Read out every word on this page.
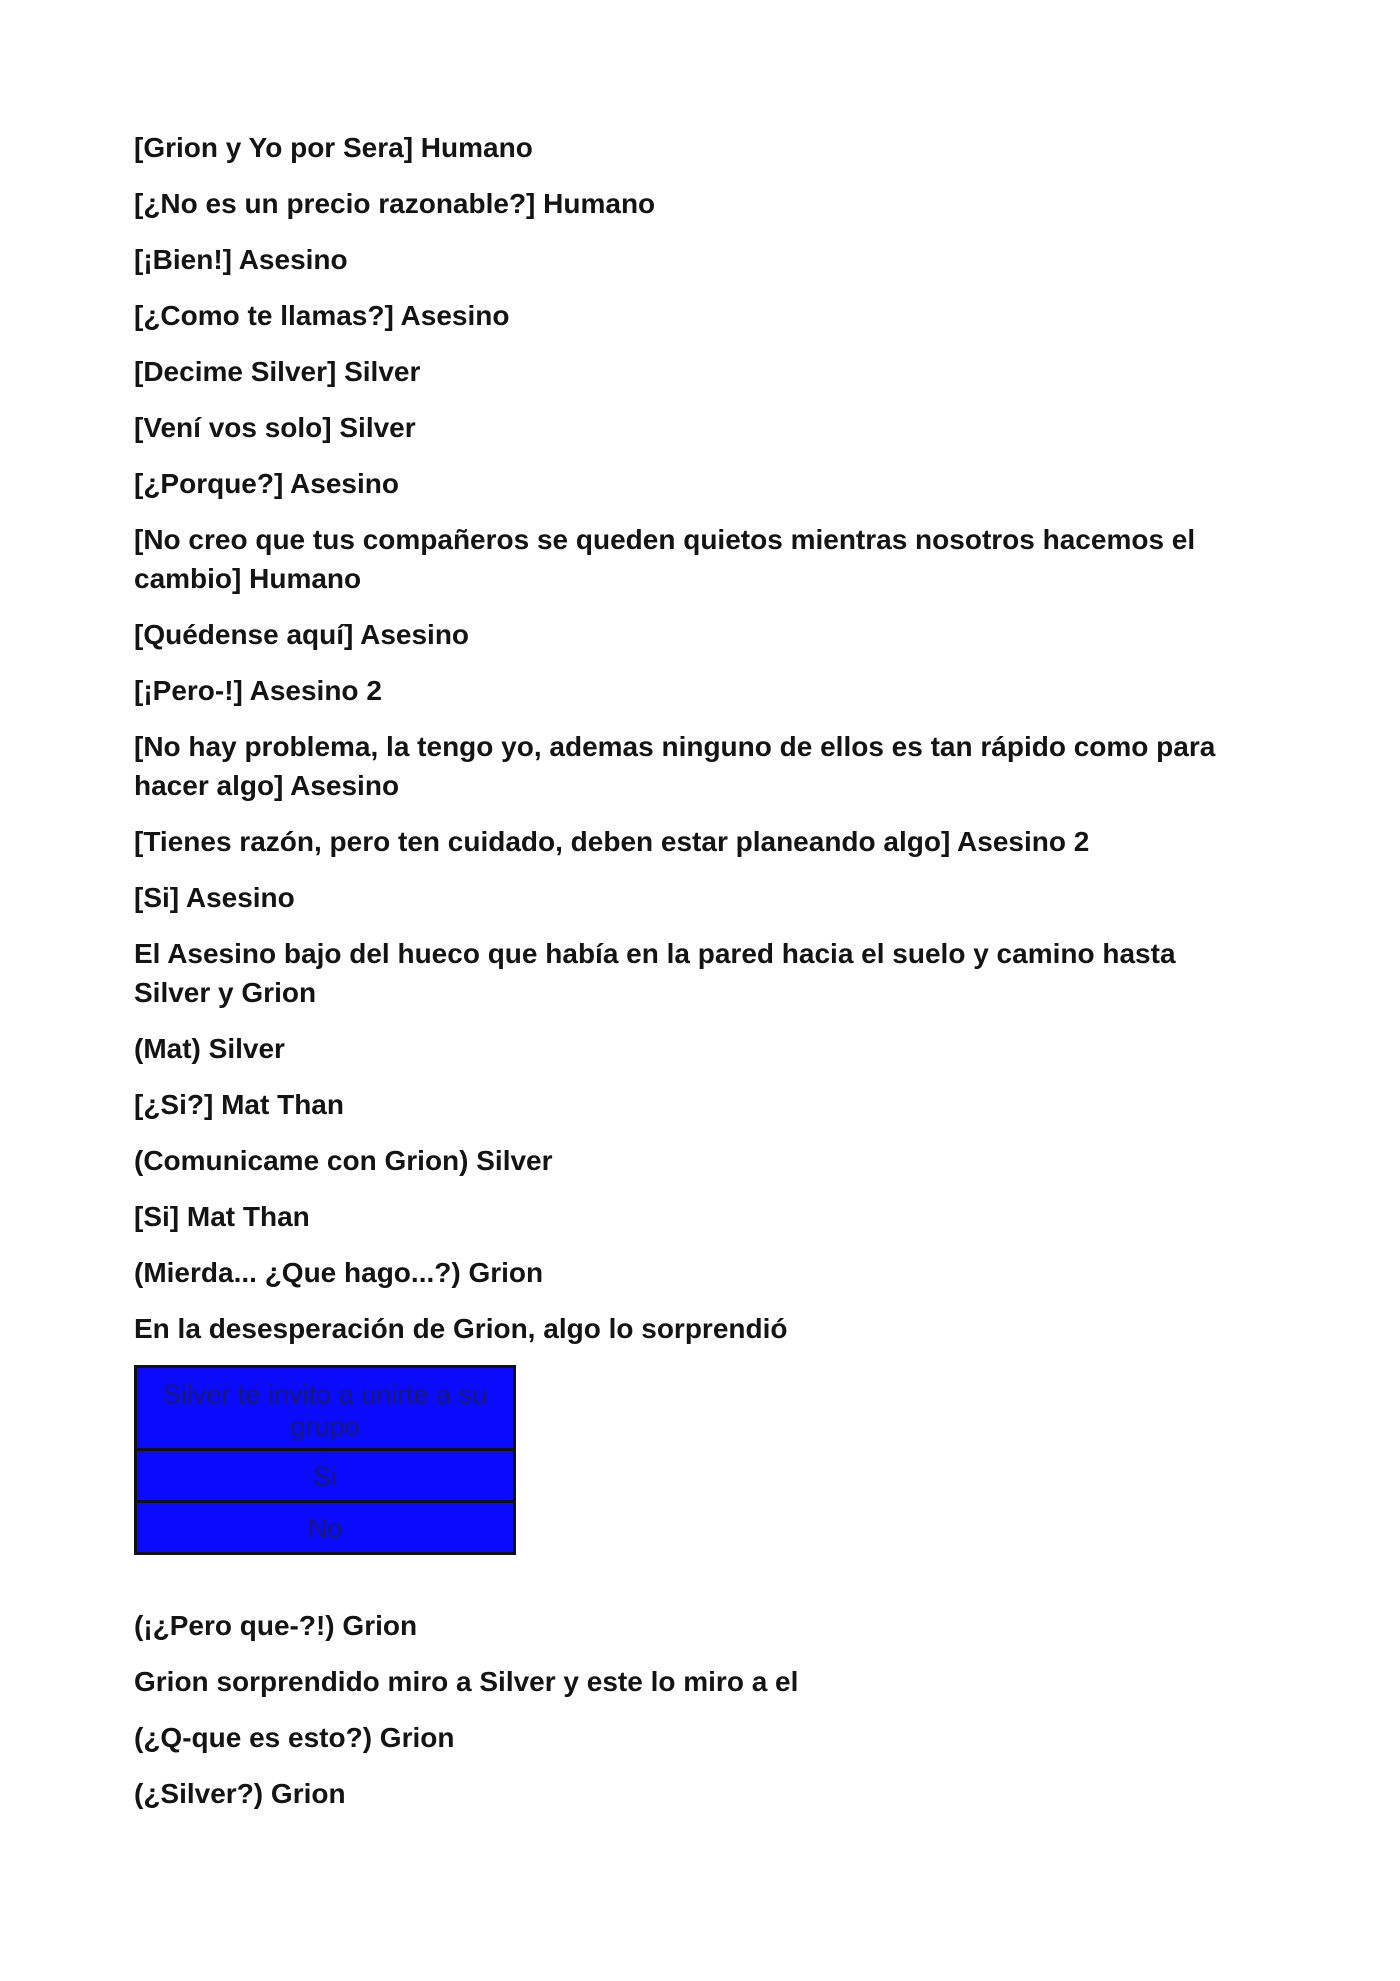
[Grion y Yo por Sera] Humano
[¿No es un precio razonable?] Humano
[¡Bien!] Asesino
[¿Como te llamas?] Asesino
[Decime Silver] Silver
[Vení vos solo] Silver
[¿Porque?] Asesino
[No creo que tus compañeros se queden quietos mientras nosotros hacemos el cambio] Humano
[Quédense aquí] Asesino
[¡Pero-!] Asesino 2
[No hay problema, la tengo yo, ademas ninguno de ellos es tan rápido como para hacer algo] Asesino
[Tienes razón, pero ten cuidado, deben estar planeando algo] Asesino 2
[Si] Asesino
El Asesino bajo del hueco que había en la pared hacia el suelo y camino hasta Silver y Grion
(Mat) Silver
[¿Si?] Mat Than
(Comunicame con Grion) Silver
[Si] Mat Than
(Mierda... ¿Que hago...?) Grion
En la desesperación de Grion, algo lo sorprendió
Silver te invito a unirte a su grupo
Si
No
(¡¿Pero que-?!) Grion
Grion sorprendido miro a Silver y este lo miro a el
(¿Q-que es esto?) Grion
(¿Silver?) Grion
